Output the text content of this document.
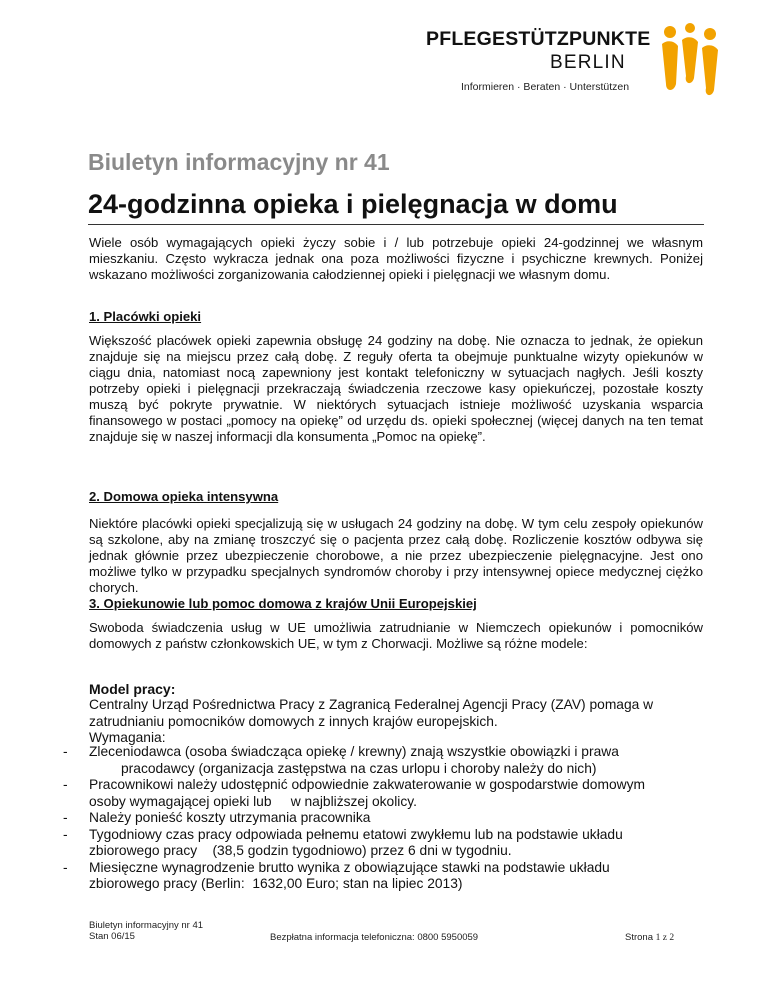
PFLEGESTÜTZPUNKTE
BERLIN
Informieren · Beraten · Unterstützen
Biuletyn informacyjny nr 41
24-godzinna opieka i pielęgnacja w domu
Wiele osób wymagających opieki życzy sobie i / lub potrzebuje opieki 24-godzinnej we własnym mieszkaniu. Często wykracza jednak ona poza możliwości fizyczne i psychiczne krewnych. Poniżej wskazano możliwości zorganizowania całodziennej opieki i pielęgnacji we własnym domu.
1. Placówki opieki
Większość placówek opieki zapewnia obsługę 24 godziny na dobę. Nie oznacza to jednak, że opiekun znajduje się na miejscu przez całą dobę. Z reguły oferta ta obejmuje punktualne wizyty opiekunów w ciągu dnia, natomiast nocą zapewniony jest kontakt telefoniczny w sytuacjach nagłych. Jeśli koszty potrzeby opieki i pielęgnacji przekraczają świadczenia rzeczowe kasy opiekuńczej, pozostałe koszty muszą być pokryte prywatnie. W niektórych sytuacjach istnieje możliwość uzyskania wsparcia finansowego w postaci „pomocy na opiekę” od urzędu ds. opieki społecznej (więcej danych na ten temat znajduje się w naszej informacji dla konsumenta „Pomoc na opiekę”.
2. Domowa opieka intensywna
Niektóre placówki opieki specjalizują się w usługach 24 godziny na dobę. W tym celu zespoły opiekunów są szkolone, aby na zmianę troszczyć się o pacjenta przez całą dobę. Rozliczenie kosztów odbywa się jednak głównie przez ubezpieczenie chorobowe, a nie przez ubezpieczenie pielęgnacyjne. Jest ono możliwe tylko w przypadku specjalnych syndromów choroby i przy intensywnej opiece medycznej ciężko chorych.
3. Opiekunowie lub pomoc domowa z krajów Unii Europejskiej
Swoboda świadczenia usług w UE umożliwia zatrudnianie w Niemczech opiekunów i pomocników domowych z państw członkowskich UE, w tym z Chorwacji. Możliwe są różne modele:
Model pracy:
Centralny Urząd Pośrednictwa Pracy z Zagranicą Federalnej Agencji Pracy (ZAV) pomaga w zatrudnianiu pomocników domowych z innych krajów europejskich.
Wymagania:
- Zleceniodawca (osoba świadcząca opiekę / krewny) znają wszystkie obowiązki i prawa
pracodawcy (organizacja zastępstwa na czas urlopu i choroby należy do nich)
- Pracownikowi należy udostępnić odpowiednie zakwaterowanie w gospodarstwie domowym
osoby wymagającej opieki lub     w najbliższej okolicy.
- Należy ponieść koszty utrzymania pracownika
- Tygodniowy czas pracy odpowiada pełnemu etatowi zwykłemu lub na podstawie układu
zbiorowego pracy    (38,5 godzin tygodniowo) przez 6 dni w tygodniu.
- Miesięczne wynagrodzenie brutto wynika z obowiązujące stawki na podstawie układu
zbiorowego pracy (Berlin:  1632,00 Euro; stan na lipiec 2013)
Biuletyn informacyjny nr 41
Stan 06/15	Bezpłatna informacja telefoniczna: 0800 5950059	Strona 1 z 2
